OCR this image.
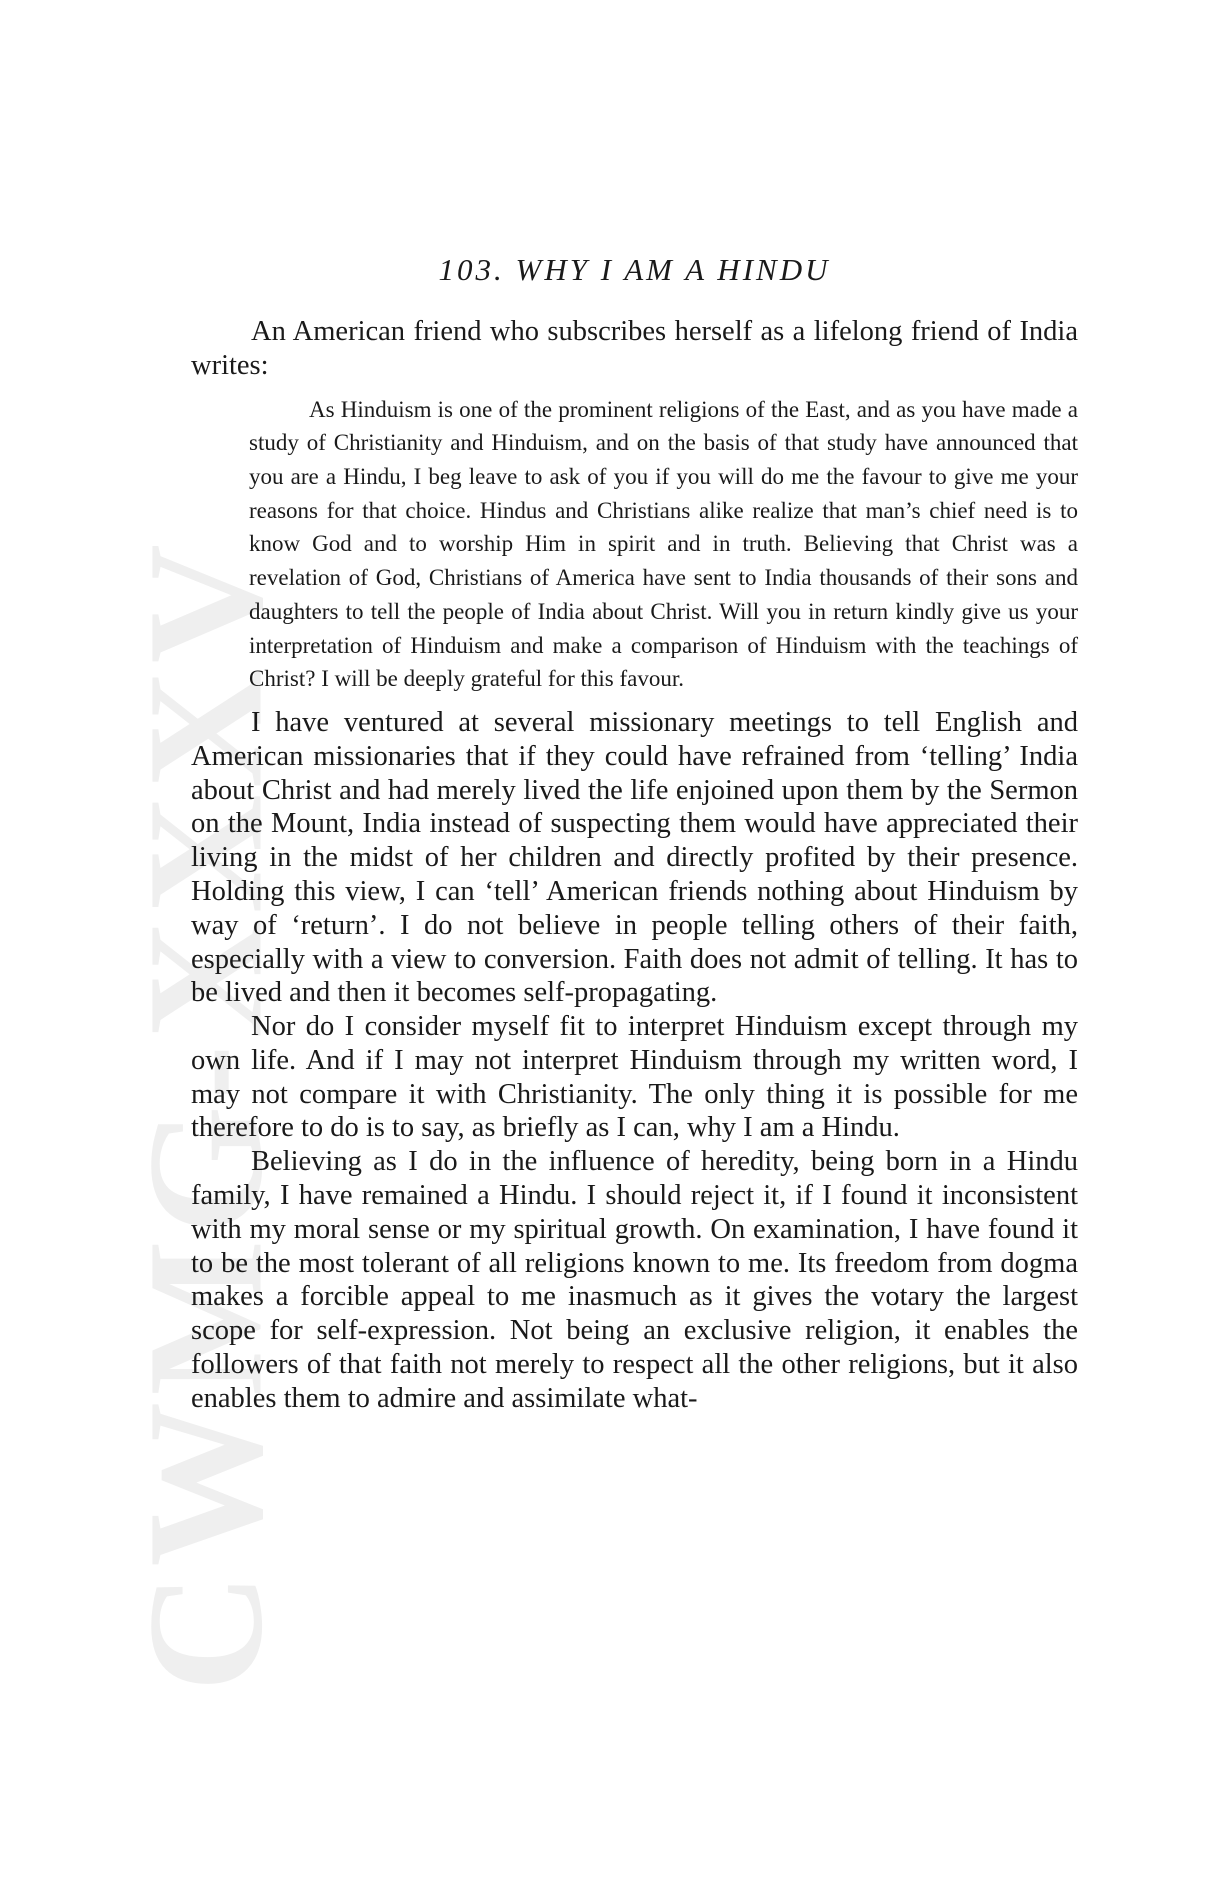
CWMG-XXXV
103. WHY I AM A HINDU

An American friend who subscribes herself as a lifelong friend of India writes:

As Hinduism is one of the prominent religions of the East, and as you have made a study of Christianity and Hinduism, and on the basis of that study have announced that you are a Hindu, I beg leave to ask of you if you will do me the favour to give me your reasons for that choice. Hindus and Christians alike realize that man’s chief need is to know God and to worship Him in spirit and in truth. Believing that Christ was a revelation of God, Christians of America have sent to India thousands of their sons and daughters to tell the people of India about Christ. Will you in return kindly give us your interpretation of Hinduism and make a comparison of Hinduism with the teachings of Christ? I will be deeply grateful for this favour.

I have ventured at several missionary meetings to tell English and American missionaries that if they could have refrained from ‘telling’ India about Christ and had merely lived the life enjoined upon them by the Sermon on the Mount, India instead of suspecting them would have appreciated their living in the midst of her children and directly profited by their presence. Holding this view, I can ‘tell’ American friends nothing about Hinduism by way of ‘return’. I do not believe in people telling others of their faith, especially with a view to conversion. Faith does not admit of telling. It has to be lived and then it becomes self-propagating.

Nor do I consider myself fit to interpret Hinduism except through my own life. And if I may not interpret Hinduism through my written word, I may not compare it with Christianity. The only thing it is possible for me therefore to do is to say, as briefly as I can, why I am a Hindu.

Believing as I do in the influence of heredity, being born in a Hindu family, I have remained a Hindu. I should reject it, if I found it inconsistent with my moral sense or my spiritual growth. On examination, I have found it to be the most tolerant of all religions known to me. Its freedom from dogma makes a forcible appeal to me inasmuch as it gives the votary the largest scope for self-expression. Not being an exclusive religion, it enables the followers of that faith not merely to respect all the other religions, but it also enables them to admire and assimilate what-
